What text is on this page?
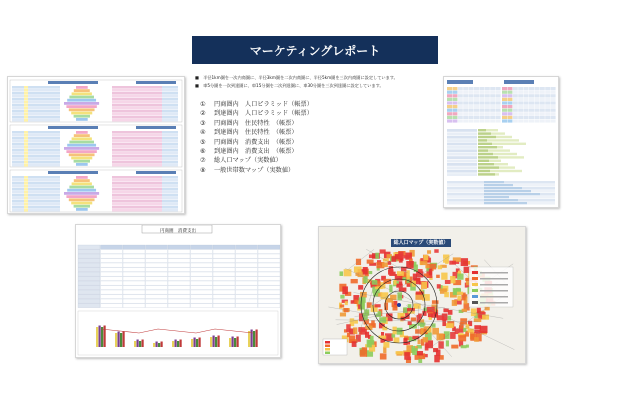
マーケティングレポート
■　半径1km圏を一次内商圏に、半径3km圏を二次内商圏に、半径5km圏を三次内商圏に設定しています。
■　車5分圏を一次到達圏に、車15分圏を二次到達圏に、車30分圏を三次到達圏に設定しています。
① 円商圏内　人口ピラミッド（帳票）
② 到達圏内　人口ピラミッド（帳票）
③ 円商圏内　住民特性　（帳票）
④ 到達圏内　住民特性　（帳票）
⑤ 円商圏内　消費支出　（帳票）
⑥ 到達圏内　消費支出　（帳票）
⑦ 総人口マップ（実数値）
⑧ 一般世帯数マップ（実数値）
円商圏　消費支出
総人口マップ（実数値）
